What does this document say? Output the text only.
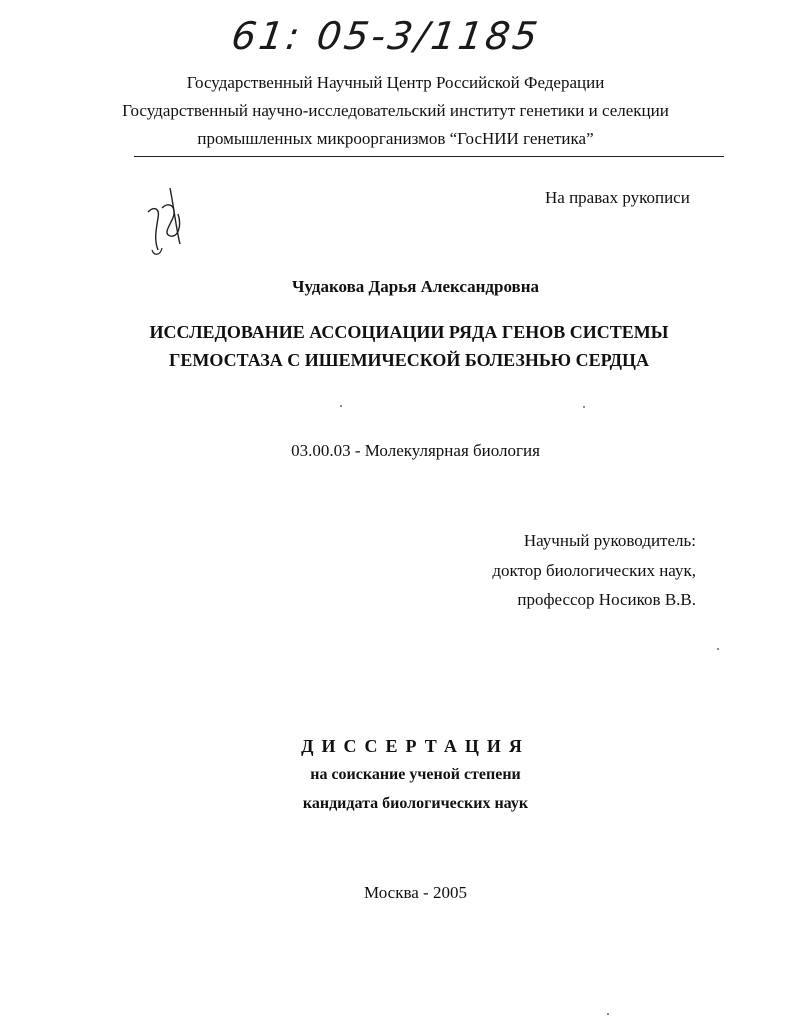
61: 05-3/1185
Государственный Научный Центр Российской Федерации
Государственный научно-исследовательский институт генетики и селекции
промышленных микроорганизмов “ГосНИИ генетика”
На правах рукописи
Чудакова Дарья Александровна
ИССЛЕДОВАНИЕ АССОЦИАЦИИ РЯДА ГЕНОВ СИСТЕМЫ
ГЕМОСТАЗА С ИШЕМИЧЕСКОЙ БОЛЕЗНЬЮ СЕРДЦА
03.00.03 - Молекулярная биология
Научный руководитель:
доктор биологических наук,
профессор Носиков В.В.
ДИССЕРТАЦИЯ
на соискание ученой степени
кандидата биологических наук
Москва - 2005
